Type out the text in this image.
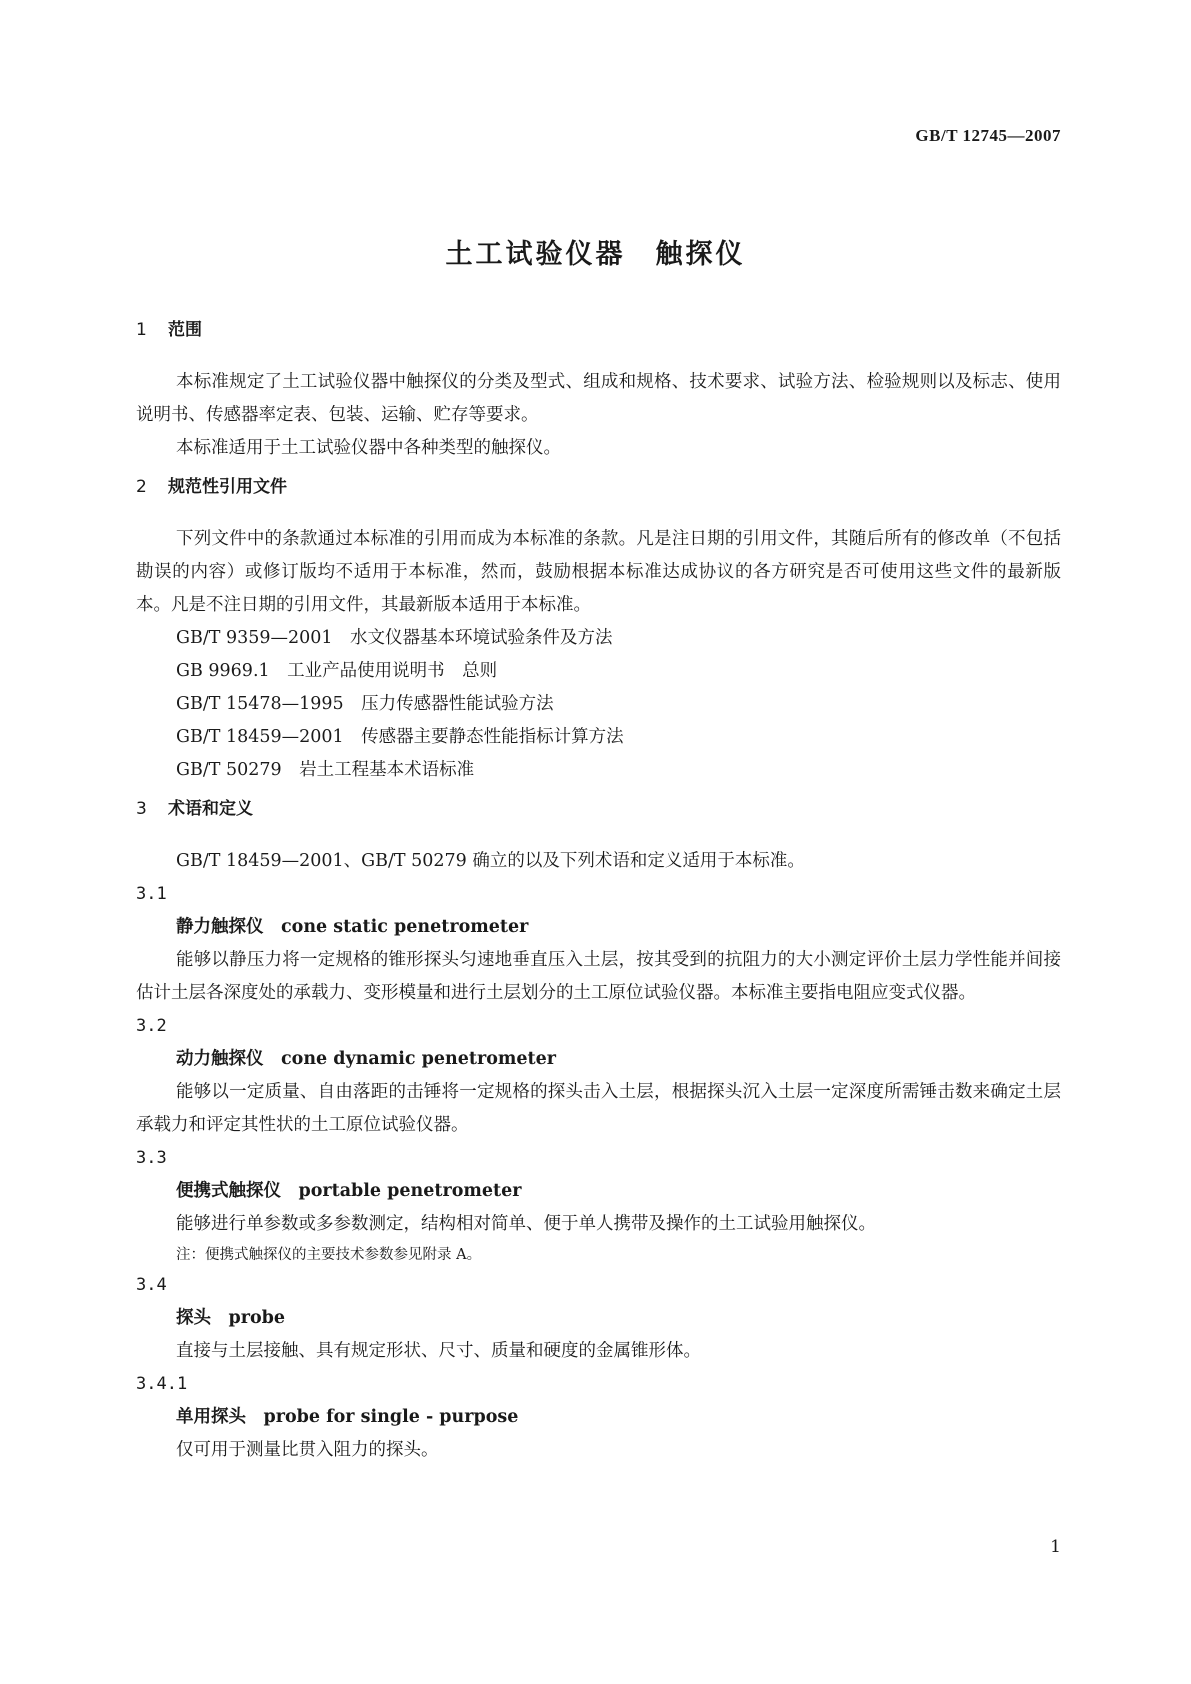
GB/T 12745—2007
土工试验仪器　触探仪
1 范围

本标准规定了土工试验仪器中触探仪的分类及型式、组成和规格、技术要求、试验方法、检验规则以及标志、使用说明书、传感器率定表、包装、运输、贮存等要求。

本标准适用于土工试验仪器中各种类型的触探仪。

2 规范性引用文件

下列文件中的条款通过本标准的引用而成为本标准的条款。凡是注日期的引用文件，其随后所有的修改单（不包括勘误的内容）或修订版均不适用于本标准，然而，鼓励根据本标准达成协议的各方研究是否可使用这些文件的最新版本。凡是不注日期的引用文件，其最新版本适用于本标准。

GB/T 9359—2001　水文仪器基本环境试验条件及方法

GB 9969.1　工业产品使用说明书　总则

GB/T 15478—1995　压力传感器性能试验方法

GB/T 18459—2001　传感器主要静态性能指标计算方法

GB/T 50279　岩土工程基本术语标准

3 术语和定义

GB/T 18459—2001、GB/T 50279 确立的以及下列术语和定义适用于本标准。

3.1

静力触探仪　cone static penetrometer

能够以静压力将一定规格的锥形探头匀速地垂直压入土层，按其受到的抗阻力的大小测定评价土层力学性能并间接估计土层各深度处的承载力、变形模量和进行土层划分的土工原位试验仪器。本标准主要指电阻应变式仪器。

3.2

动力触探仪　cone dynamic penetrometer

能够以一定质量、自由落距的击锤将一定规格的探头击入土层，根据探头沉入土层一定深度所需锤击数来确定土层承载力和评定其性状的土工原位试验仪器。

3.3

便携式触探仪　portable penetrometer

能够进行单参数或多参数测定，结构相对简单、便于单人携带及操作的土工试验用触探仪。

注：便携式触探仪的主要技术参数参见附录 A。

3.4

探头　probe

直接与土层接触、具有规定形状、尺寸、质量和硬度的金属锥形体。

3.4.1

单用探头　probe for single - purpose

仅可用于测量比贯入阻力的探头。

1
